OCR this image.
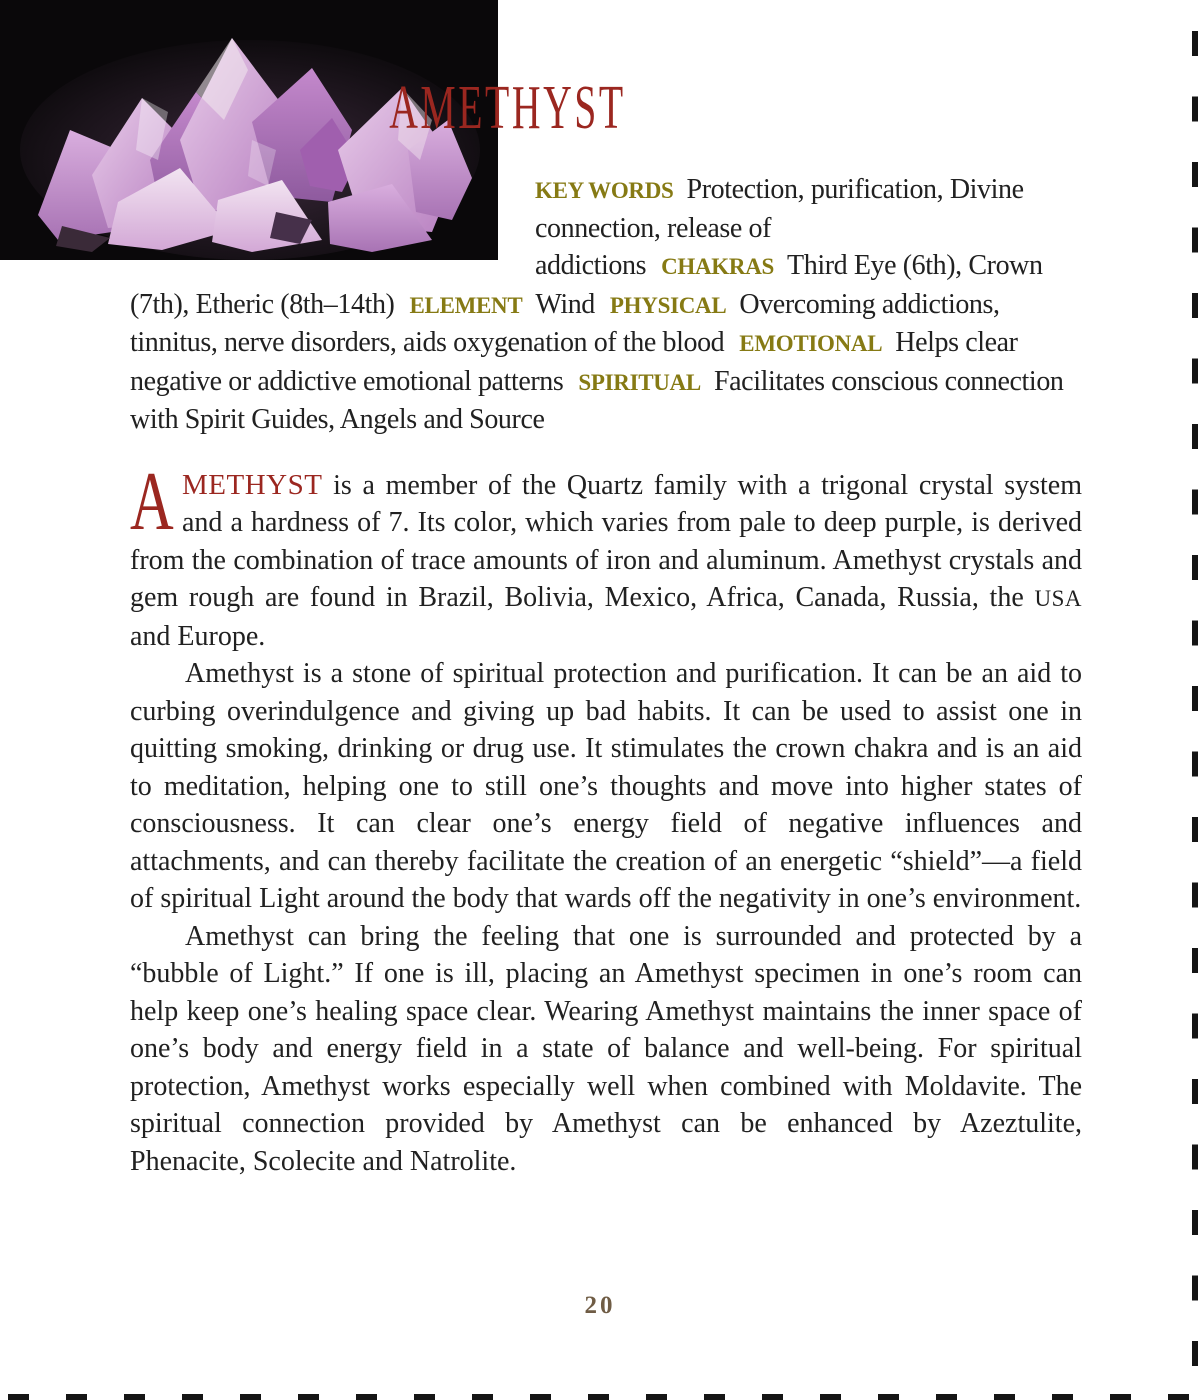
AMETHYST

KEY WORDS Protection, purification, Divine connection, release of addictions CHAKRAS Third Eye (6th), Crown (7th), Etheric (8th–14th) ELEMENT Wind PHYSICAL Overcoming addictions, tinnitus, nerve disorders, aids oxygenation of the blood EMOTIONAL Helps clear negative or addictive emotional patterns SPIRITUAL Facilitates conscious connection with Spirit Guides, Angels and Source

AMETHYST is a member of the Quartz family with a trigonal crystal system and a hardness of 7. Its color, which varies from pale to deep purple, is derived from the combination of trace amounts of iron and aluminum. Amethyst crystals and gem rough are found in Brazil, Bolivia, Mexico, Africa, Canada, Russia, the USA and Europe.

Amethyst is a stone of spiritual protection and purification. It can be an aid to curbing overindulgence and giving up bad habits. It can be used to assist one in quitting smoking, drinking or drug use. It stimulates the crown chakra and is an aid to meditation, helping one to still one’s thoughts and move into higher states of consciousness. It can clear one’s energy field of negative influences and attachments, and can thereby facilitate the creation of an energetic “shield”—a field of spiritual Light around the body that wards off the negativity in one’s environment.

Amethyst can bring the feeling that one is surrounded and protected by a “bubble of Light.” If one is ill, placing an Amethyst specimen in one’s room can help keep one’s healing space clear. Wearing Amethyst maintains the inner space of one’s body and energy field in a state of balance and well-being. For spiritual protection, Amethyst works especially well when combined with Moldavite. The spiritual connection provided by Amethyst can be enhanced by Azeztulite, Phenacite, Scolecite and Natrolite.

20
